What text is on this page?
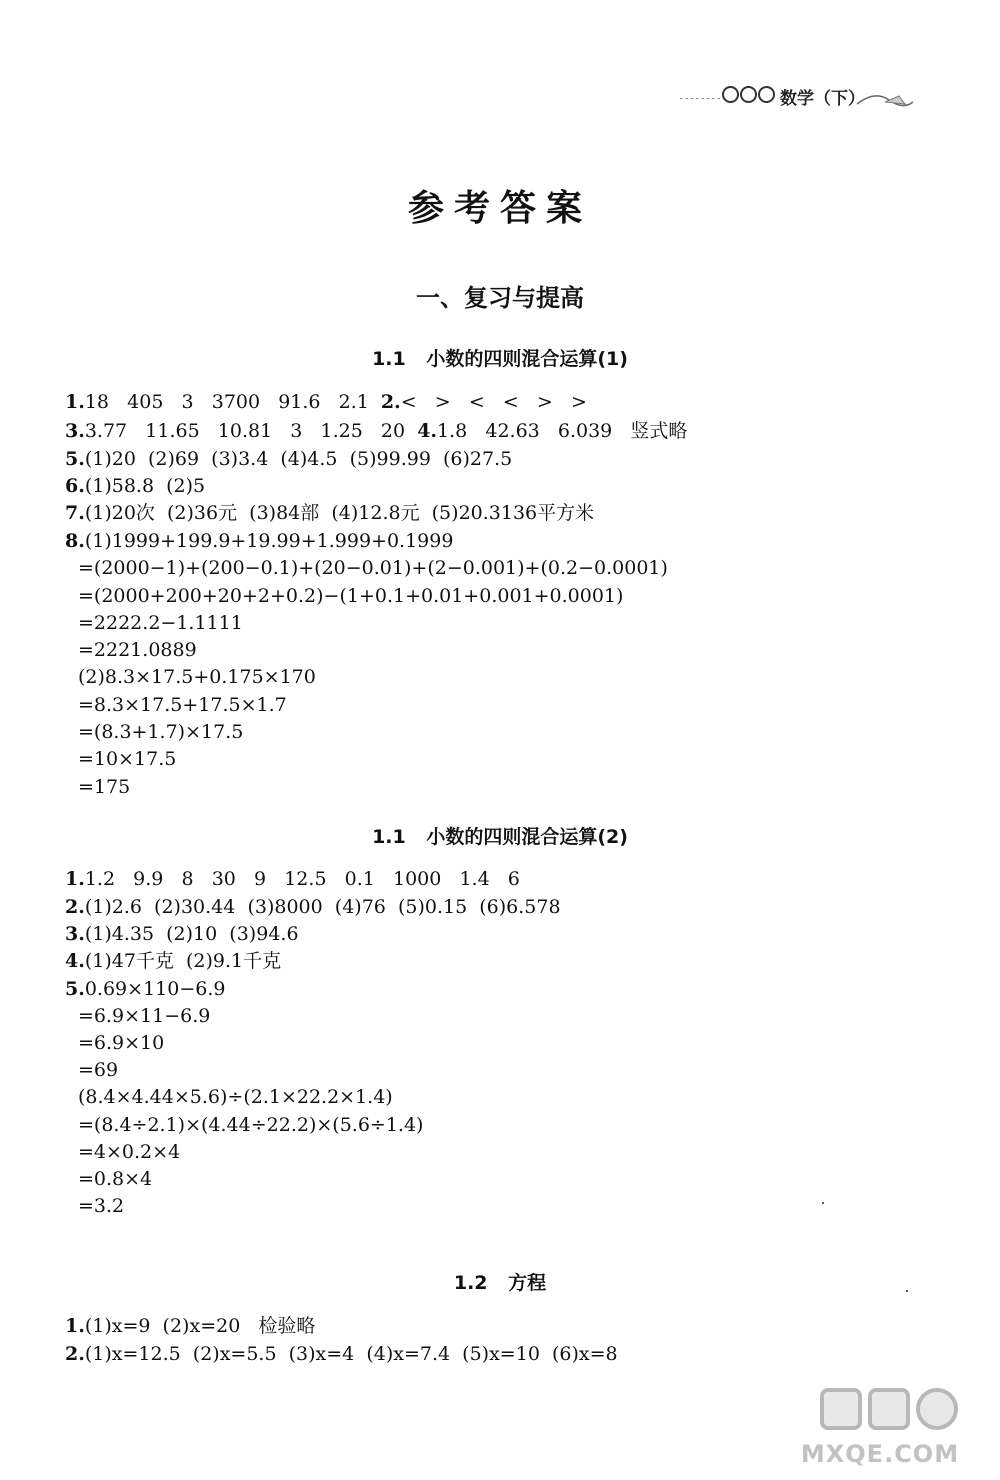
数学（下）
参考答案
一、复习与提高
1.1 小数的四则混合运算(1)
1.18   405   3   3700   91.6   2.1  2.<   >   <   <   >   >
3.3.77   11.65   10.81   3   1.25   20  4.1.8   42.63   6.039   竖式略
5.(1)20  (2)69  (3)3.4  (4)4.5  (5)99.99  (6)27.5
6.(1)58.8  (2)5
7.(1)20次  (2)36元  (3)84部  (4)12.8元  (5)20.3136平方米
8.(1)1999+199.9+19.99+1.999+0.1999
=(2000−1)+(200−0.1)+(20−0.01)+(2−0.001)+(0.2−0.0001)
=(2000+200+20+2+0.2)−(1+0.1+0.01+0.001+0.0001)
=2222.2−1.1111
=2221.0889
(2)8.3×17.5+0.175×170
=8.3×17.5+17.5×1.7
=(8.3+1.7)×17.5
=10×17.5
=175
1.1 小数的四则混合运算(2)
1.1.2   9.9   8   30   9   12.5   0.1   1000   1.4   6
2.(1)2.6  (2)30.44  (3)8000  (4)76  (5)0.15  (6)6.578
3.(1)4.35  (2)10  (3)94.6
4.(1)47千克  (2)9.1千克
5.0.69×110−6.9
=6.9×11−6.9
=6.9×10
=69
(8.4×4.44×5.6)÷(2.1×22.2×1.4)
=(8.4÷2.1)×(4.44÷22.2)×(5.6÷1.4)
=4×0.2×4
=0.8×4
=3.2
1.2 方程
1.(1)x=9  (2)x=20   检验略
2.(1)x=12.5  (2)x=5.5  (3)x=4  (4)x=7.4  (5)x=10  (6)x=8
MXQE.COM
